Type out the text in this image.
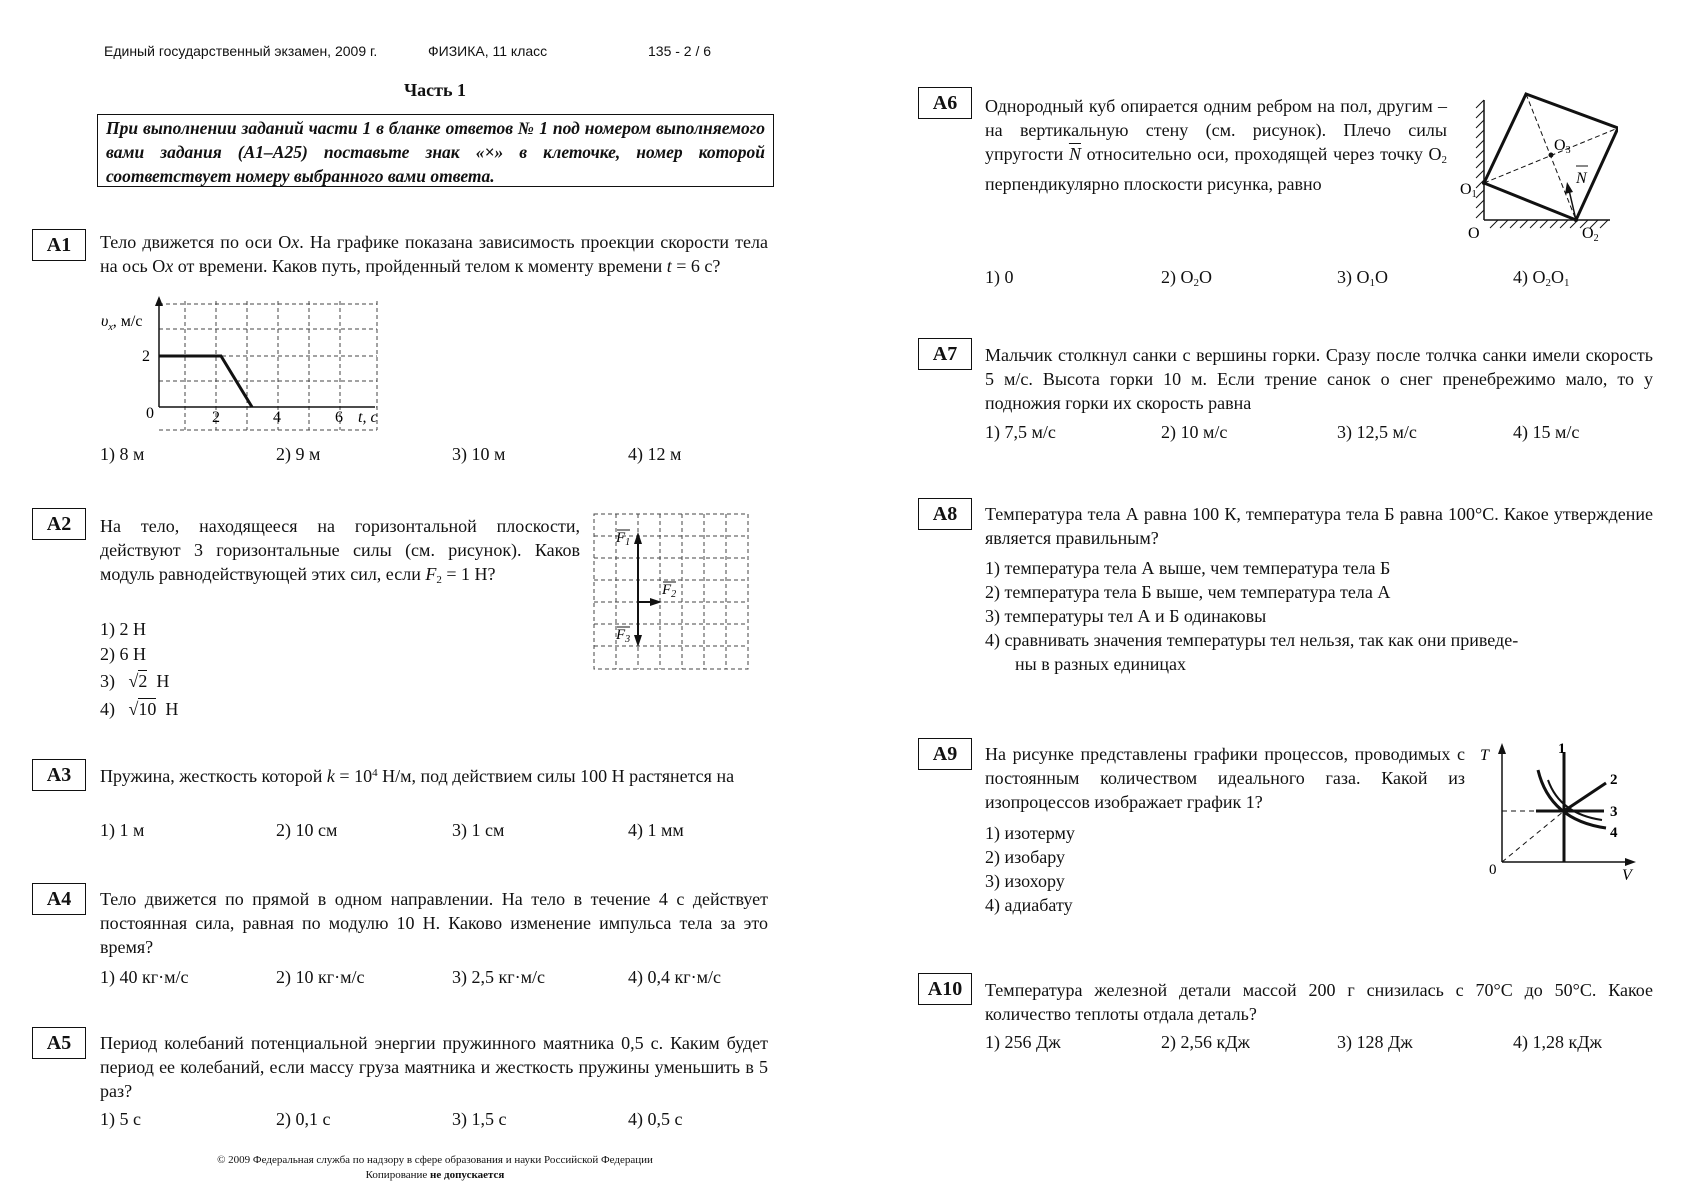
Единый государственный экзамен, 2009 г.	ФИЗИКА, 11 класс	135 - 2 / 6
Часть 1
При выполнении заданий части 1 в бланке ответов № 1 под номером выполняемого вами задания (А1–А25) поставьте знак «×» в клеточке, номер которой соответствует номеру выбранного вами ответа.
А1	Тело движется по оси Оx. На графике показана зависимость проекции скорости тела на ось Оx от времени. Каков путь, пройденный телом к моменту времени t = 6 с?
$\upsilon_x$, м/с
2
0	2	4	6 t, с
1) 8 м	2) 9 м	3) 10 м	4) 12 м
А2	На тело, находящееся на горизонтальной плоскости, действуют 3 горизонтальные силы (см. рисунок). Каков модуль равнодействующей этих сил, если $F_2 = 1$ Н?
1) 2 Н
2) 6 Н
3)   √2 Н
4)   √10 Н
$F_1$
$F_2$
$F_3$
А3	Пружина, жесткость которой $k = 10^4$ Н/м, под действием силы 100 Н растянется на
1) 1 м	2) 10 см	3) 1 см	4) 1 мм
А4	Тело движется по прямой в одном направлении. На тело в течение 4 с действует постоянная сила, равная по модулю 10 Н. Каково изменение импульса тела за это время?
1) 40 кг·м/с	2) 10 кг·м/с	3) 2,5 кг·м/с	4) 0,4 кг·м/с
А5	Период колебаний потенциальной энергии пружинного маятника 0,5 с. Каким будет период ее колебаний, если массу груза маятника и жесткость пружины уменьшить в 5 раз?
1) 5 с	2) 0,1 с	3) 1,5 с	4) 0,5 с
© 2009 Федеральная служба по надзору в сфере образования и науки Российской Федерации
Копирование не допускается
А6	Однородный куб опирается одним ребром на пол, другим – на вертикальную стену (см. рисунок). Плечо силы упругости $\overline{N}$ относительно оси, проходящей через точку $О_2$ перпендикулярно плоскости рисунка, равно
O3
O1
O	O2
N
1) 0	2) $O_2O$	3) $O_1O$	4) $O_2O_1$
А7	Мальчик столкнул санки с вершины горки. Сразу после толчка санки имели скорость 5 м/с. Высота горки 10 м. Если трение санок о снег пренебрежимо мало, то у подножия горки их скорость равна
1) 7,5 м/с	2) 10 м/с	3) 12,5 м/с	4) 15 м/с
А8	Температура тела А равна 100 К, температура тела Б равна 100°С. Какое утверждение является правильным?
1) температура тела А выше, чем температура тела Б
2) температура тела Б выше, чем температура тела А
3) температуры тел А и Б одинаковы
4) сравнивать значения температуры тел нельзя, так как они приведе-
ны в разных единицах
А9	На рисунке представлены графики процессов, проводимых с постоянным количеством идеального газа. Какой из изопроцессов изображает график 1?
1) изотерму
2) изобару
3) изохору
4) адиабату
T
V
0
1
2
3
4
А10	Температура железной детали массой 200 г снизилась с 70°С до 50°С. Какое количество теплоты отдала деталь?
1) 256 Дж	2) 2,56 кДж	3) 128 Дж	4) 1,28 кДж
